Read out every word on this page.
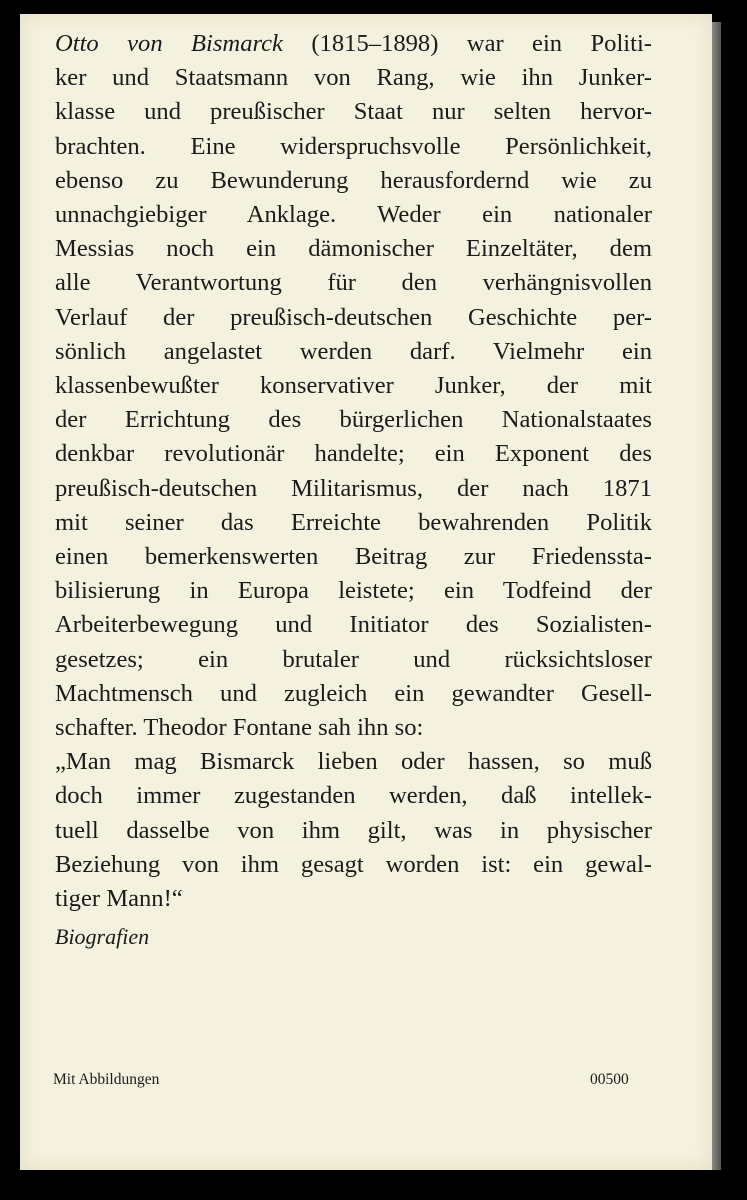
Otto von Bismarck (1815–1898) war ein Politi-
ker und Staatsmann von Rang, wie ihn Junker-
klasse und preußischer Staat nur selten hervor-
brachten. Eine widerspruchsvolle Persönlichkeit,
ebenso zu Bewunderung herausfordernd wie zu
unnachgiebiger Anklage. Weder ein nationaler
Messias noch ein dämonischer Einzeltäter, dem
alle Verantwortung für den verhängnisvollen
Verlauf der preußisch-deutschen Geschichte per-
sönlich angelastet werden darf. Vielmehr ein
klassenbewußter konservativer Junker, der mit
der Errichtung des bürgerlichen Nationalstaates
denkbar revolutionär handelte; ein Exponent des
preußisch-deutschen Militarismus, der nach 1871
mit seiner das Erreichte bewahrenden Politik
einen bemerkenswerten Beitrag zur Friedenssta-
bilisierung in Europa leistete; ein Todfeind der
Arbeiterbewegung und Initiator des Sozialisten-
gesetzes; ein brutaler und rücksichtsloser
Machtmensch und zugleich ein gewandter Gesell-
schafter. Theodor Fontane sah ihn so:
„Man mag Bismarck lieben oder hassen, so muß
doch immer zugestanden werden, daß intellek-
tuell dasselbe von ihm gilt, was in physischer
Beziehung von ihm gesagt worden ist: ein gewal-
tiger Mann!“
Biografien
Mit Abbildungen	00500
